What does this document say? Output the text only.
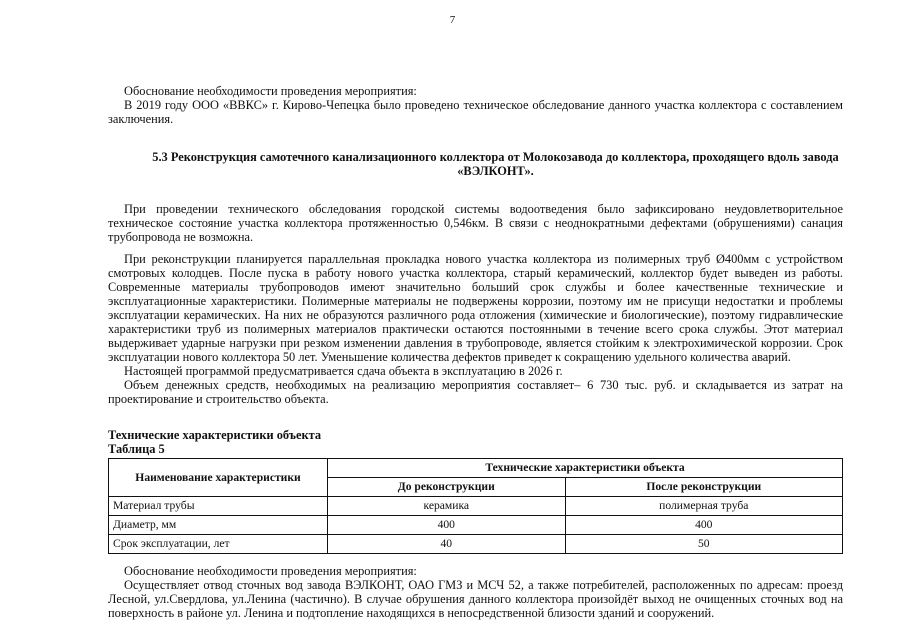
7

Обоснование необходимости проведения мероприятия:

В 2019 году ООО «ВВКС» г. Кирово-Чепецка было проведено техническое обследование данного участка коллектора с составлением заключения.

5.3 Реконструкция самотечного канализационного коллектора от Молокозавода до коллектора, проходящего вдоль завода «ВЭЛКОНТ».

При проведении технического обследования городской системы водоотведения было зафиксировано неудовлетворительное техническое состояние участка коллектора протяженностью 0,546км. В связи с неоднократными дефектами (обрушениями) санация трубопровода не возможна.

При реконструкции планируется параллельная прокладка нового участка коллектора из полимерных труб Ø400мм с устройством смотровых колодцев. После пуска в работу нового участка коллектора, старый керамический, коллектор будет выведен из работы. Современные материалы трубопроводов имеют значительно больший срок службы и более качественные технические и эксплуатационные характеристики. Полимерные материалы не подвержены коррозии, поэтому им не присущи недостатки и проблемы эксплуатации керамических. На них не образуются различного рода отложения (химические и биологические), поэтому гидравлические характеристики труб из полимерных материалов практически остаются постоянными в течение всего срока службы. Этот материал выдерживает ударные нагрузки при резком изменении давления в трубопроводе, является стойким к электрохимической коррозии. Срок эксплуатации нового коллектора 50 лет. Уменьшение количества дефектов приведет к сокращению удельного количества аварий.

Настоящей программой предусматривается сдача объекта в эксплуатацию в 2026 г.

Объем денежных средств, необходимых на реализацию мероприятия составляет– 6 730 тыс. руб. и складывается из затрат на проектирование и строительство объекта.

Технические характеристики объекта
Таблица 5
Наименование характеристики	Технические характеристики объекта	
	До реконструкции	После реконструкции
Материал трубы	керамика	полимерная труба
Диаметр, мм	400	400
Срок эксплуатации, лет	40	50

Обоснование необходимости проведения мероприятия:

Осуществляет отвод сточных вод завода ВЭЛКОНТ, ОАО ГМЗ и МСЧ 52, а также потребителей, расположенных по адресам: проезд Лесной, ул.Свердлова, ул.Ленина (частично). В случае обрушения данного коллектора произойдёт выход не очищенных сточных вод на поверхность в районе ул. Ленина и подтопление находящихся в непосредственной близости зданий и сооружений.
